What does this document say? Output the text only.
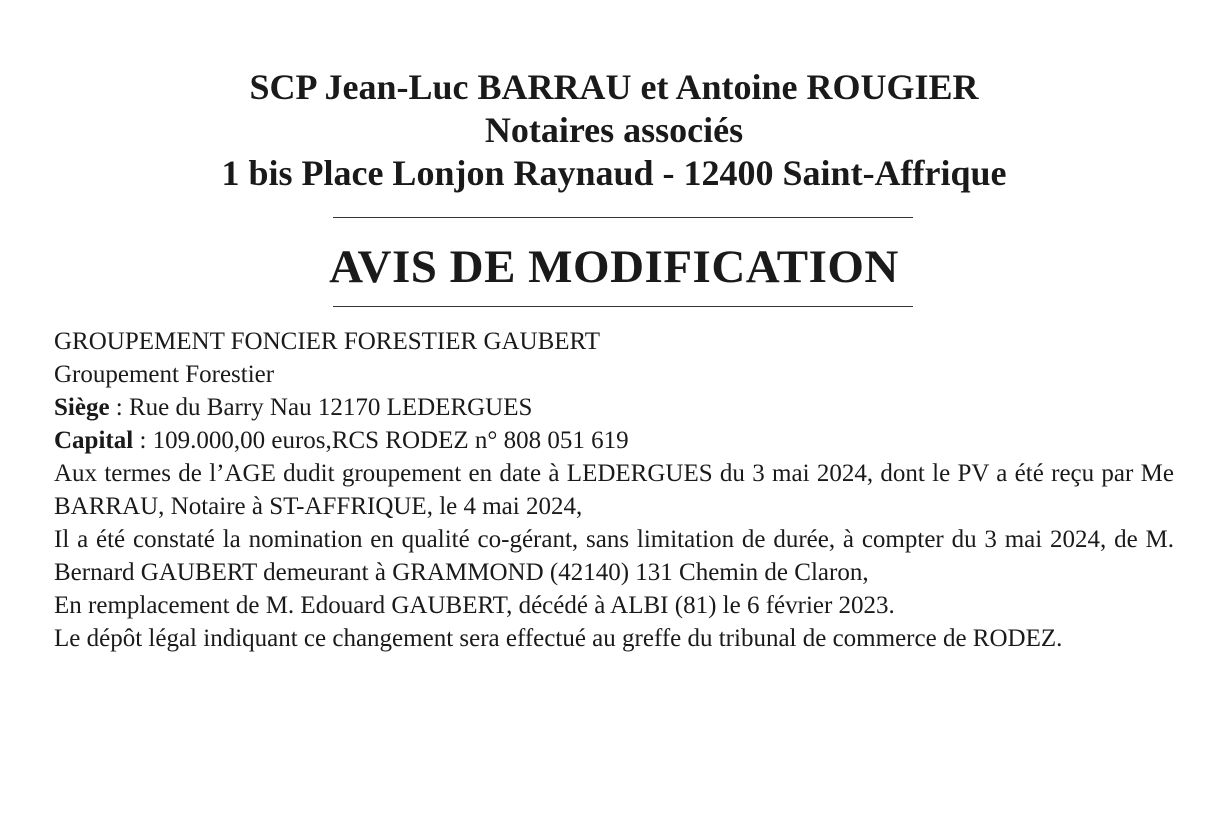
SCP Jean-Luc BARRAU et Antoine ROUGIER
Notaires associés
1 bis Place Lonjon Raynaud - 12400 Saint-Affrique
AVIS DE MODIFICATION

GROUPEMENT FONCIER FORESTIER GAUBERT

Groupement Forestier

Siège : Rue du Barry Nau 12170 LEDERGUES

Capital : 109.000,00 euros,RCS RODEZ n° 808 051 619

Aux termes de l’AGE dudit groupement en date à LEDERGUES du 3 mai 2024, dont le PV a été reçu par Me BARRAU, Notaire à ST-AFFRIQUE, le 4 mai 2024,

Il a été constaté la nomination en qualité co-gérant, sans limitation de durée, à compter du 3 mai 2024, de M. Bernard GAUBERT demeurant à GRAMMOND (42140) 131 Chemin de Claron,

En remplacement de M. Edouard GAUBERT, décédé à ALBI (81) le 6 février 2023.

Le dépôt légal indiquant ce changement sera effectué au greffe du tribunal de commerce de RODEZ.
